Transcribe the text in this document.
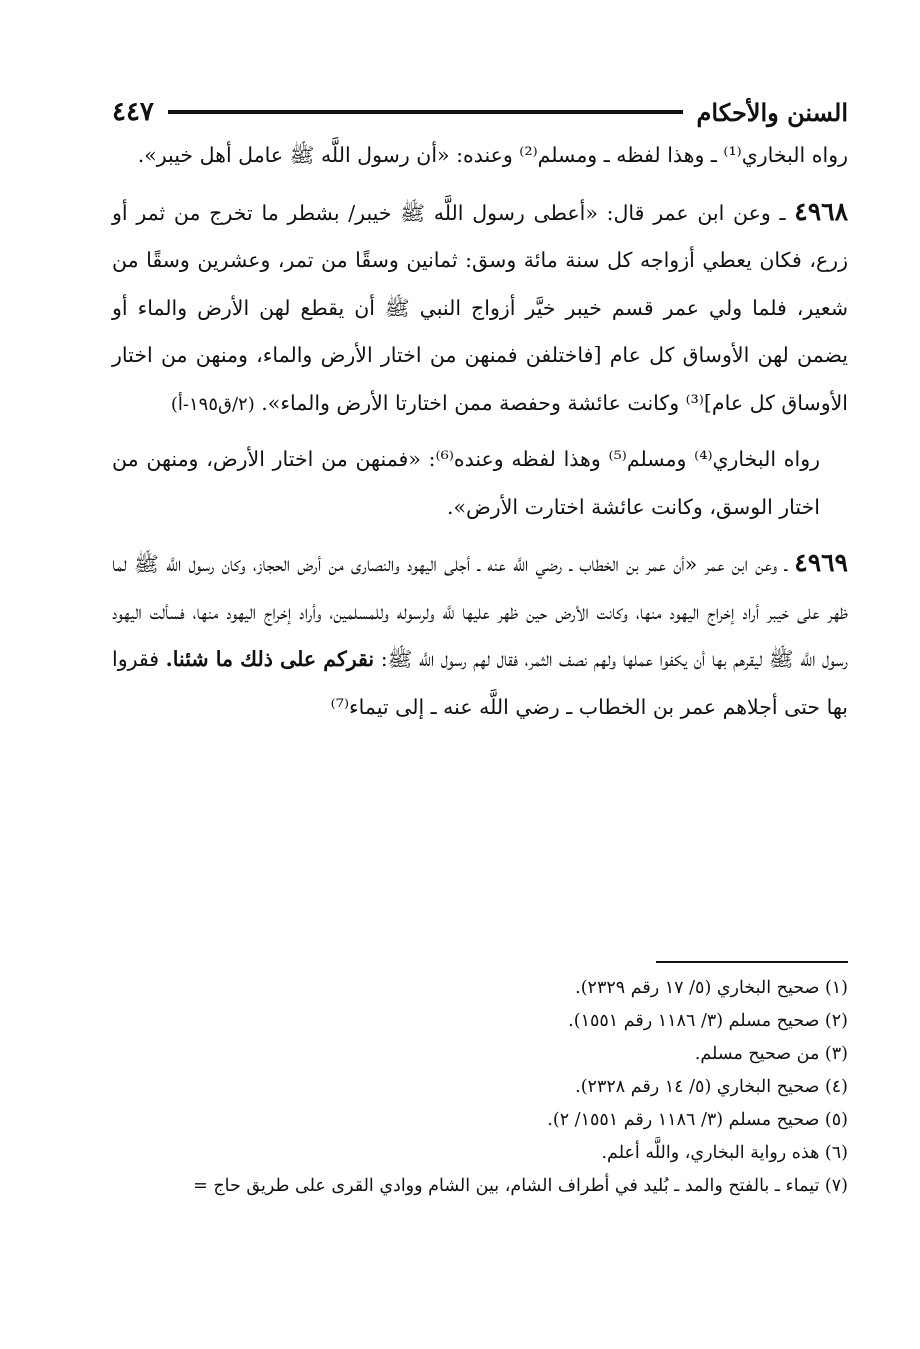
٤٤٧	السنن والأحكام

رواه البخاري⁽¹⁾ ـ وهذا لفظه ـ ومسلم⁽²⁾ وعنده: «أن رسول اللَّه ﷺ عامل أهل خيبر».

٤٩٦٨ ـ وعن ابن عمر قال: «أعطى رسول اللَّه ﷺ خيبر/ بشطر ما تخرج من ثمر أو زرع، فكان يعطي أزواجه كل سنة مائة وسق: ثمانين وسقًا من تمر، وعشرين وسقًا من شعير، فلما ولي عمر قسم خيبر خيَّر أزواج النبي ﷺ أن يقطع لهن الأرض والماء أو يضمن لهن الأوساق كل عام [فاختلفن فمنهن من اختار الأرض والماء، ومنهن من اختار الأوساق كل عام]⁽³⁾ وكانت عائشة وحفصة ممن اختارتا الأرض والماء». (٢/ق١٩٥-أ)

رواه البخاري⁽⁴⁾ ومسلم⁽⁵⁾ وهذا لفظه وعنده⁽⁶⁾: «فمنهن من اختار الأرض، ومنهن من اختار الوسق، وكانت عائشة اختارت الأرض».

٤٩٦٩ ـ وعن ابن عمر «أن عمر بن الخطاب ـ رضي اللَّه عنه ـ أجلى اليهود والنصارى من أرض الحجاز، وكان رسول اللَّه ﷺ لما ظهر على خيبر أراد إخراج اليهود منها، وكانت الأرض حين ظهر عليها للَّه ولرسوله وللمسلمين، وأراد إخراج اليهود منها، فسألت اليهود رسول اللَّه ﷺ ليقرهم بها أن يكفوا عملها ولهم نصف الثمر، فقال لهم رسول اللَّه ﷺ: نقركم على ذلك ما شئنا. فقروا بها حتى أجلاهم عمر بن الخطاب ـ رضي اللَّه عنه ـ إلى تيماء⁽⁷⁾

(١) صحيح البخاري (٥/ ١٧ رقم ٢٣٢٩).
(٢) صحيح مسلم (٣/ ١١٨٦ رقم ١٥٥١).
(٣) من صحيح مسلم.
(٤) صحيح البخاري (٥/ ١٤ رقم ٢٣٢٨).
(٥) صحيح مسلم (٣/ ١١٨٦ رقم ١٥٥١/ ٢).
(٦) هذه رواية البخاري، واللَّه أعلم.
(٧) تيماء ـ بالفتح والمد ـ بُليد في أطراف الشام، بين الشام ووادي القرى على طريق حاج =
